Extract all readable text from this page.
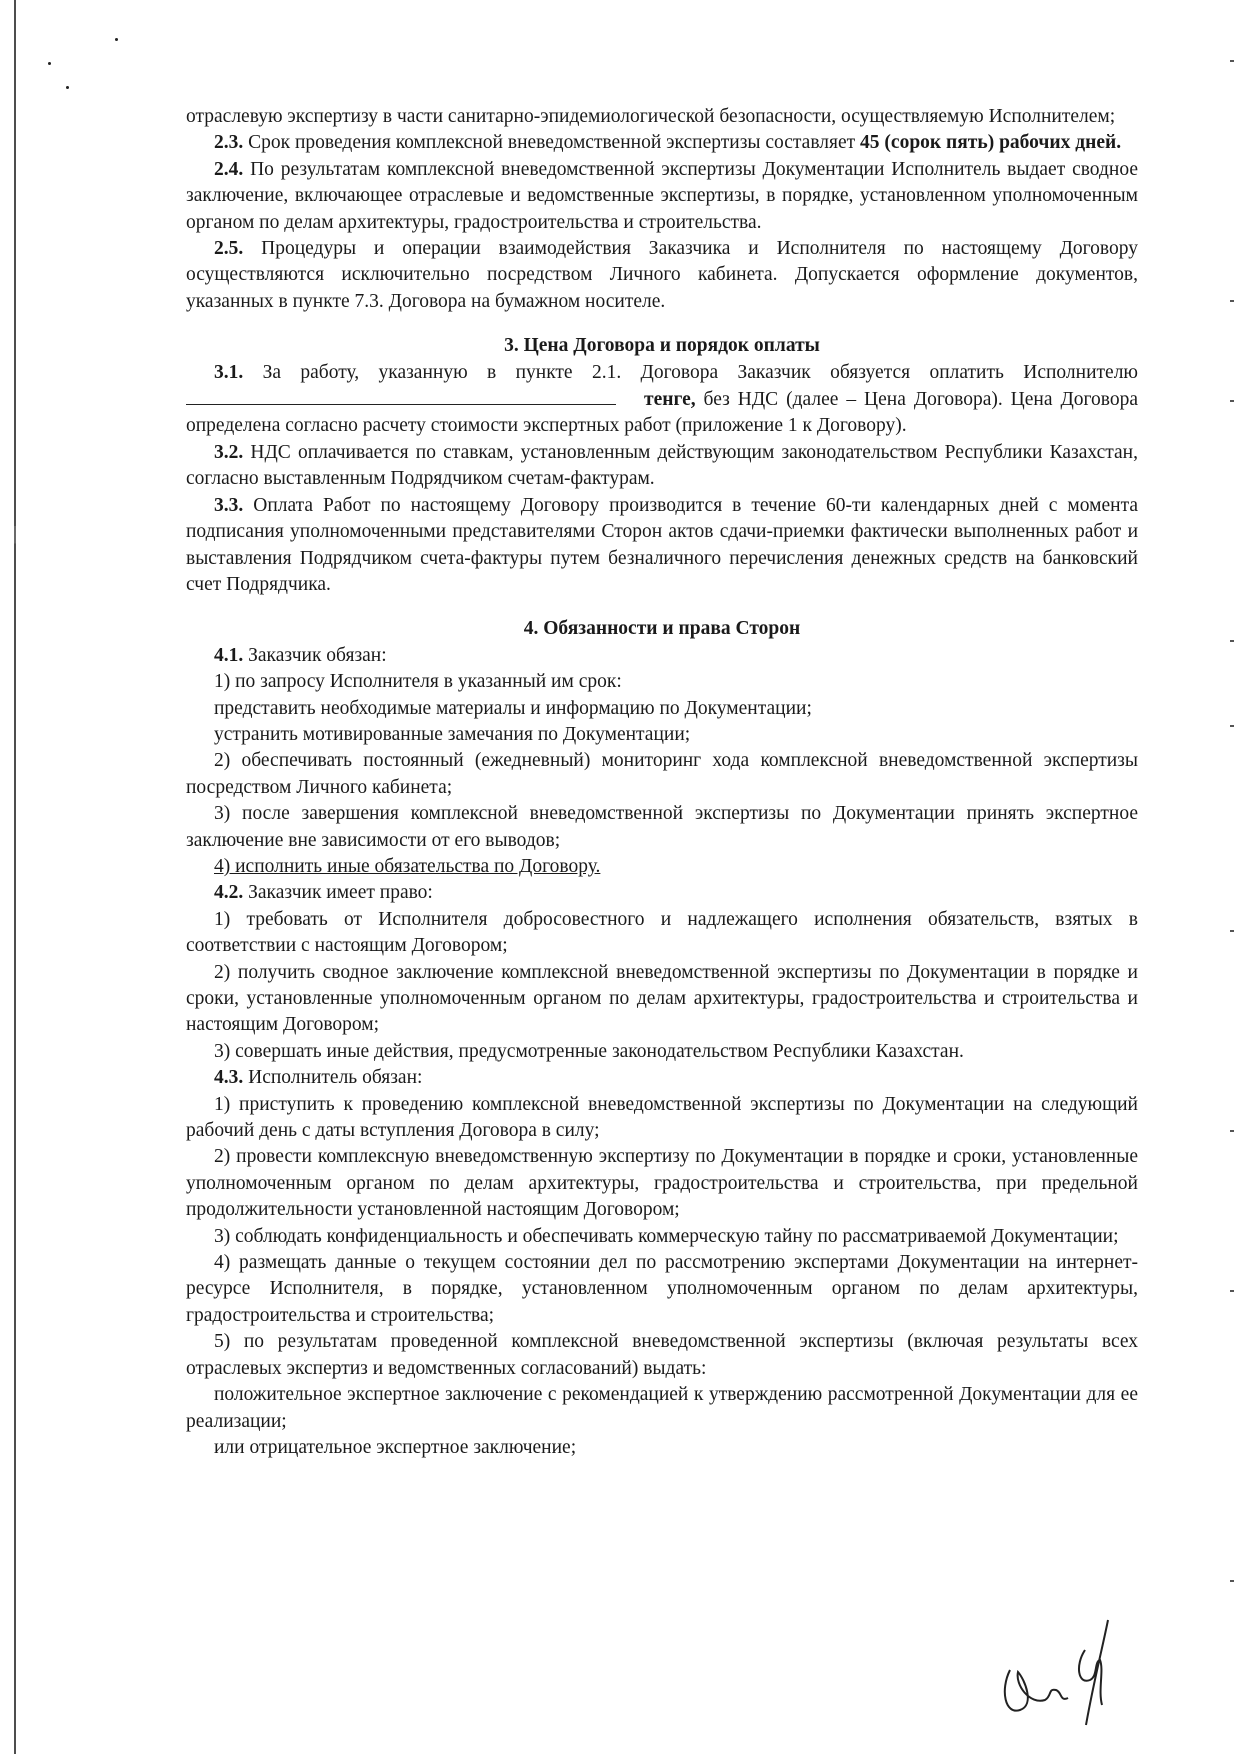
отраслевую экспертизу в части санитарно-эпидемиологической безопасности, осуществляемую Исполнителем;

2.3. Срок проведения комплексной вневедомственной экспертизы составляет 45 (сорок пять) рабочих дней.

2.4. По результатам комплексной вневедомственной экспертизы Документации Исполнитель выдает сводное заключение, включающее отраслевые и ведомственные экспертизы, в порядке, установленном уполномоченным органом по делам архитектуры, градостроительства и строительства.

2.5. Процедуры и операции взаимодействия Заказчика и Исполнителя по настоящему Договору осуществляются исключительно посредством Личного кабинета. Допускается оформление документов, указанных в пункте 7.3. Договора на бумажном носителе.

3. Цена Договора и порядок оплаты

3.1. За работу, указанную в пункте 2.1. Договора Заказчик обязуется оплатить Исполнителю тенге, без НДС (далее – Цена Договора). Цена Договора определена согласно расчету стоимости экспертных работ (приложение 1 к Договору).

3.2. НДС оплачивается по ставкам, установленным действующим законодательством Республики Казахстан, согласно выставленным Подрядчиком счетам-фактурам.

3.3. Оплата Работ по настоящему Договору производится в течение 60-ти календарных дней с момента подписания уполномоченными представителями Сторон актов сдачи-приемки фактически выполненных работ и выставления Подрядчиком счета-фактуры путем безналичного перечисления денежных средств на банковский счет Подрядчика.

4. Обязанности и права Сторон

4.1. Заказчик обязан:

1) по запросу Исполнителя в указанный им срок:

представить необходимые материалы и информацию по Документации;

устранить мотивированные замечания по Документации;

2) обеспечивать постоянный (ежедневный) мониторинг хода комплексной вневедомственной экспертизы посредством Личного кабинета;

3) после завершения комплексной вневедомственной экспертизы по Документации принять экспертное заключение вне зависимости от его выводов;

4) исполнить иные обязательства по Договору.

4.2. Заказчик имеет право:

1) требовать от Исполнителя добросовестного и надлежащего исполнения обязательств, взятых в соответствии с настоящим Договором;

2) получить сводное заключение комплексной вневедомственной экспертизы по Документации в порядке и сроки, установленные уполномоченным органом по делам архитектуры, градостроительства и строительства и настоящим Договором;

3) совершать иные действия, предусмотренные законодательством Республики Казахстан.

4.3. Исполнитель обязан:

1) приступить к проведению комплексной вневедомственной экспертизы по Документации на следующий рабочий день с даты вступления Договора в силу;

2) провести комплексную вневедомственную экспертизу по Документации в порядке и сроки, установленные уполномоченным органом по делам архитектуры, градостроительства и строительства, при предельной продолжительности установленной настоящим Договором;

3) соблюдать конфиденциальность и обеспечивать коммерческую тайну по рассматриваемой Документации;

4) размещать данные о текущем состоянии дел по рассмотрению экспертами Документации на интернет-ресурсе Исполнителя, в порядке, установленном уполномоченным органом по делам архитектуры, градостроительства и строительства;

5) по результатам проведенной комплексной вневедомственной экспертизы (включая результаты всех отраслевых экспертиз и ведомственных согласований) выдать:

положительное экспертное заключение с рекомендацией к утверждению рассмотренной Документации для ее реализации;

или отрицательное экспертное заключение;
